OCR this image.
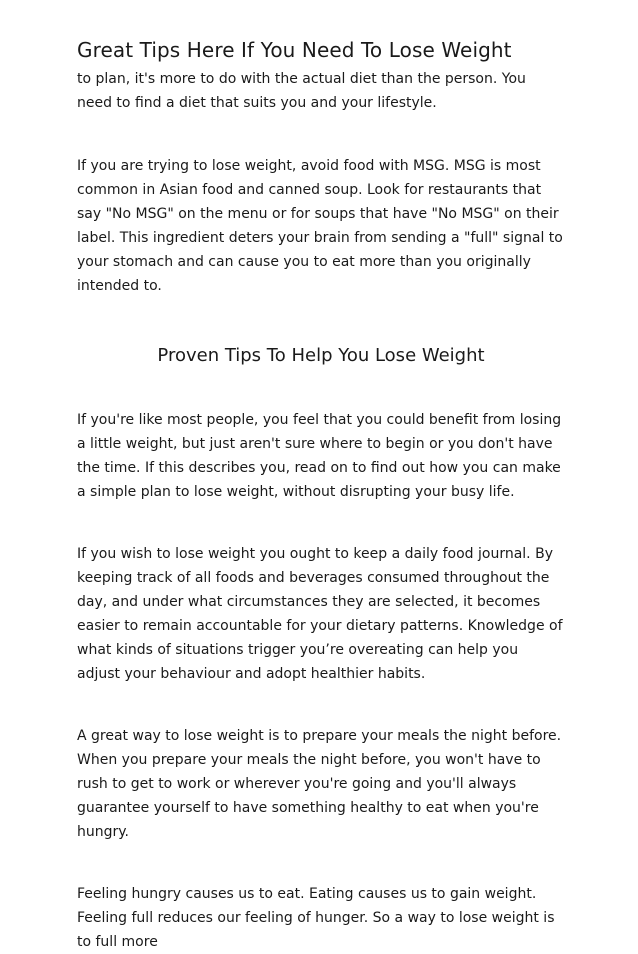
Great Tips Here If You Need To Lose Weight

to plan, it's more to do with the actual diet than the person. You need to find a diet that suits you and your lifestyle.

If you are trying to lose weight, avoid food with MSG. MSG is most common in Asian food and canned soup. Look for restaurants that say "No MSG" on the menu or for soups that have "No MSG" on their label. This ingredient deters your brain from sending a "full" signal to your stomach and can cause you to eat more than you originally intended to.

Proven Tips To Help You Lose Weight

If you're like most people, you feel that you could benefit from losing a little weight, but just aren't sure where to begin or you don't have the time. If this describes you, read on to find out how you can make a simple plan to lose weight, without disrupting your busy life.

If you wish to lose weight you ought to keep a daily food journal. By keeping track of all foods and beverages consumed throughout the day, and under what circumstances they are selected, it becomes easier to remain accountable for your dietary patterns. Knowledge of what kinds of situations trigger you’re overeating can help you adjust your behaviour and adopt healthier habits.

A great way to lose weight is to prepare your meals the night before. When you prepare your meals the night before, you won't have to rush to get to work or wherever you're going and you'll always guarantee yourself to have something healthy to eat when you're hungry.

Feeling hungry causes us to eat. Eating causes us to gain weight. Feeling full reduces our feeling of hunger. So a way to lose weight is to full more
